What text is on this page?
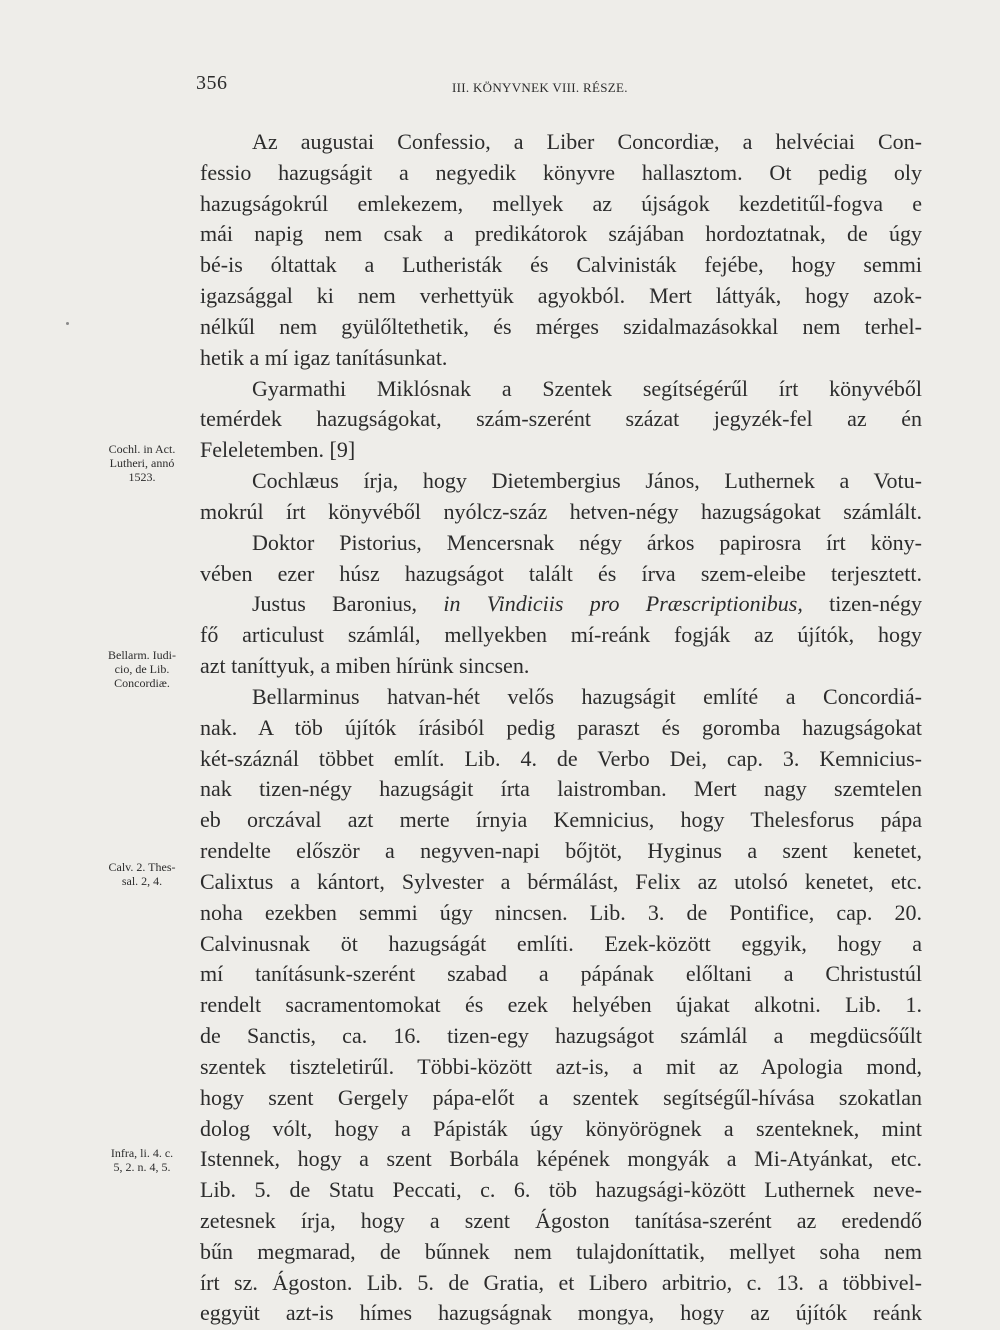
356	III. KÖNYVNEK VIII. RÉSZE.
Cochl. in Act.
Lutheri, annó
1523.
Bellarm. Iudi-
cio, de Lib.
Concordiæ.
Calv. 2. Thes-
sal. 2, 4.
Infra, li. 4. c.
5, 2. n. 4, 5.
Az augustai Confessio, a Liber Concordiæ, a helvéciai Con-
fessio hazugságit a negyedik könyvre hallasztom. Ot pedig oly
hazugságokrúl emlekezem, mellyek az újságok kezdetitűl-fogva e
mái napig nem csak a predikátorok szájában hordoztatnak, de úgy
bé-is óltattak a Lutheristák és Calvinisták fejébe, hogy semmi
igazsággal ki nem verhettyük agyokból. Mert láttyák, hogy azok-
nélkűl nem gyülőltethetik, és mérges szidalmazásokkal nem terhel-
hetik a mí igaz tanításunkat.
Gyarmathi Miklósnak a Szentek segítségérűl írt könyvéből
temérdek hazugságokat, szám-szerént százat jegyzék-fel az én
Feleletemben. [9]
Cochlæus írja, hogy Dietembergius János, Luthernek a Votu-
mokrúl írt könyvéből nyólcz-száz hetven-négy hazugságokat számlált.
Doktor Pistorius, Mencersnak négy árkos papirosra írt köny-
vében ezer húsz hazugságot talált és írva szem-eleibe terjesztett.
Justus Baronius, in Vindiciis pro Præscriptionibus, tizen-négy
fő articulust számlál, mellyekben mí-reánk fogják az újítók, hogy
azt taníttyuk, a miben hírünk sincsen.
Bellarminus hatvan-hét velős hazugságit említé a Concordiá-
nak. A töb újítók írásiból pedig paraszt és goromba hazugságokat
két-száznál többet említ. Lib. 4. de Verbo Dei, cap. 3. Kemnicius-
nak tizen-négy hazugságit írta laistromban. Mert nagy szemtelen
eb orczával azt merte írnyia Kemnicius, hogy Thelesforus pápa
rendelte először a negyven-napi bőjtöt, Hyginus a szent kenetet,
Calixtus a kántort, Sylvester a bérmálást, Felix az utolsó kenetet, etc.
noha ezekben semmi úgy nincsen. Lib. 3. de Pontifice, cap. 20.
Calvinusnak öt hazugságát említi. Ezek-között eggyik, hogy a
mí tanításunk-szerént szabad a pápának előltani a Christustúl
rendelt sacramentomokat és ezek helyében újakat alkotni. Lib. 1.
de Sanctis, ca. 16. tizen-egy hazugságot számlál a megdücsőűlt
szentek tiszteletirűl. Többi-között azt-is, a mit az Apologia mond,
hogy szent Gergely pápa-előt a szentek segítségűl-hívása szokatlan
dolog vólt, hogy a Pápisták úgy könyörögnek a szenteknek, mint
Istennek, hogy a szent Borbála képének mongyák a Mi-Atyánkat, etc.
Lib. 5. de Statu Peccati, c. 6. töb hazugsági-között Luthernek neve-
zetesnek írja, hogy a szent Ágoston tanítása-szerént az eredendő
bűn megmarad, de bűnnek nem tulajdoníttatik, mellyet soha nem
írt sz. Ágoston. Lib. 5. de Gratia, et Libero arbitrio, c. 13. a többivel-
eggyüt azt-is hímes hazugságnak mongya, hogy az újítók reánk
